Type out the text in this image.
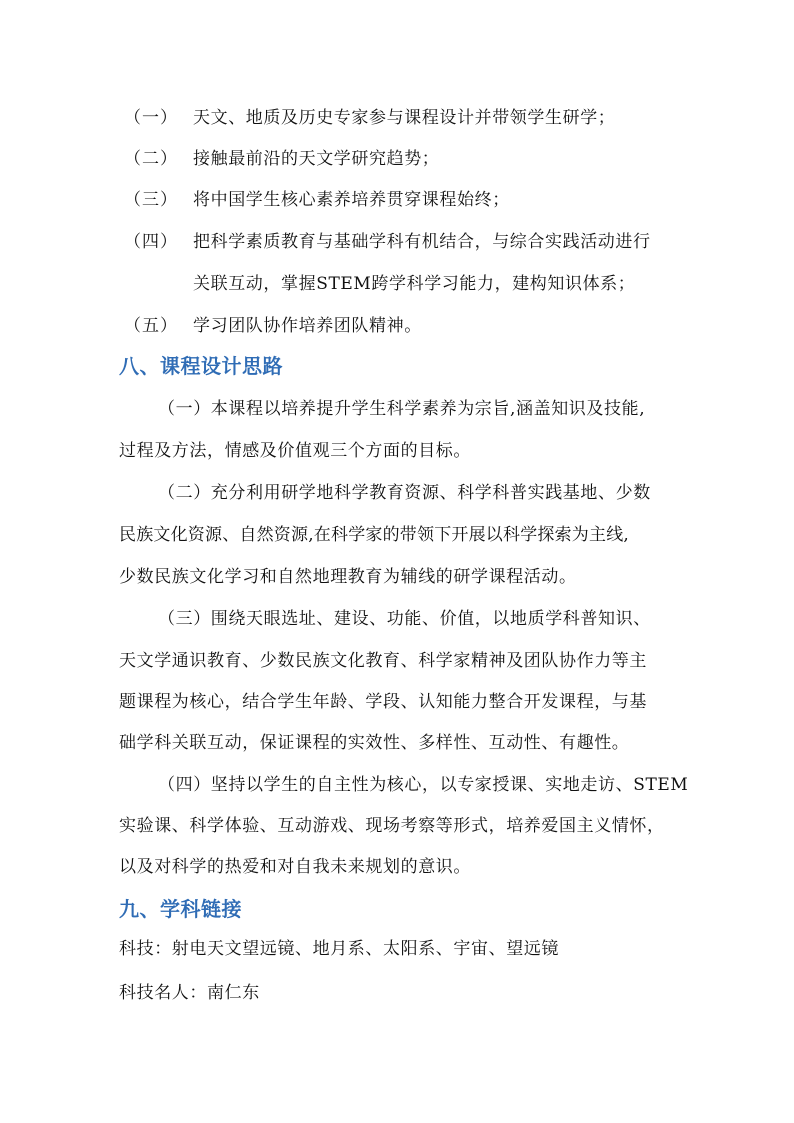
（一） 天文、地质及历史专家参与课程设计并带领学生研学；
（二） 接触最前沿的天文学研究趋势；
（三） 将中国学生核心素养培养贯穿课程始终；
（四） 把科学素质教育与基础学科有机结合，与综合实践活动进行
关联互动，掌握STEM跨学科学习能力，建构知识体系；
（五） 学习团队协作培养团队精神。
八、课程设计思路
（一）本课程以培养提升学生科学素养为宗旨,涵盖知识及技能,
过程及方法，情感及价值观三个方面的目标。
（二）充分利用研学地科学教育资源、科学科普实践基地、少数
民族文化资源、自然资源,在科学家的带领下开展以科学探索为主线,
少数民族文化学习和自然地理教育为辅线的研学课程活动。
（三）围绕天眼选址、建设、功能、价值，以地质学科普知识、
天文学通识教育、少数民族文化教育、科学家精神及团队协作力等主
题课程为核心，结合学生年龄、学段、认知能力整合开发课程，与基
础学科关联互动，保证课程的实效性、多样性、互动性、有趣性。
（四）坚持以学生的自主性为核心，以专家授课、实地走访、STEM
实验课、科学体验、互动游戏、现场考察等形式，培养爱国主义情怀，
以及对科学的热爱和对自我未来规划的意识。
九、学科链接
科技：射电天文望远镜、地月系、太阳系、宇宙、望远镜
科技名人：南仁东
